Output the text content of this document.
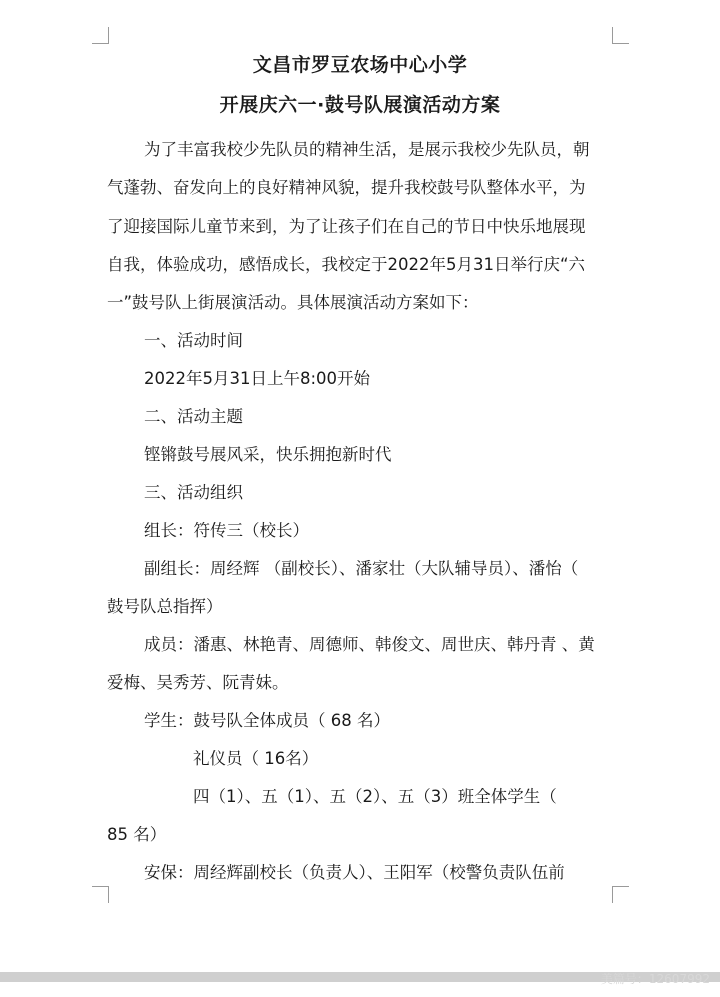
文昌市罗豆农场中心小学
开展庆六一·鼓号队展演活动方案
为了丰富我校少先队员的精神生活，是展示我校少先队员，朝
气蓬勃、奋发向上的良好精神风貌，提升我校鼓号队整体水平，为
了迎接国际儿童节来到，为了让孩子们在自己的节日中快乐地展现
自我，体验成功，感悟成长，我校定于2022年5月31日举行庆“六
一”鼓号队上街展演活动。具体展演活动方案如下：
一、活动时间
2022年5月31日上午8:00开始
二、活动主题
铿锵鼓号展风采，快乐拥抱新时代
三、活动组织
组长：符传三（校长）
副组长：周经辉 （副校长）、潘家壮（大队辅导员）、潘怡（
鼓号队总指挥）
成员：潘惠、林艳青、周德师、韩俊文、周世庆、韩丹青 、黄
爱梅、吴秀芳、阮青妹。
学生：鼓号队全体成员（ 68 名）
礼仪员（ 16名）
四（1）、五（1）、五（2）、五（3）班全体学生（
85 名）
安保：周经辉副校长（负责人）、王阳军（校警负责队伍前
美篇号：12607992
